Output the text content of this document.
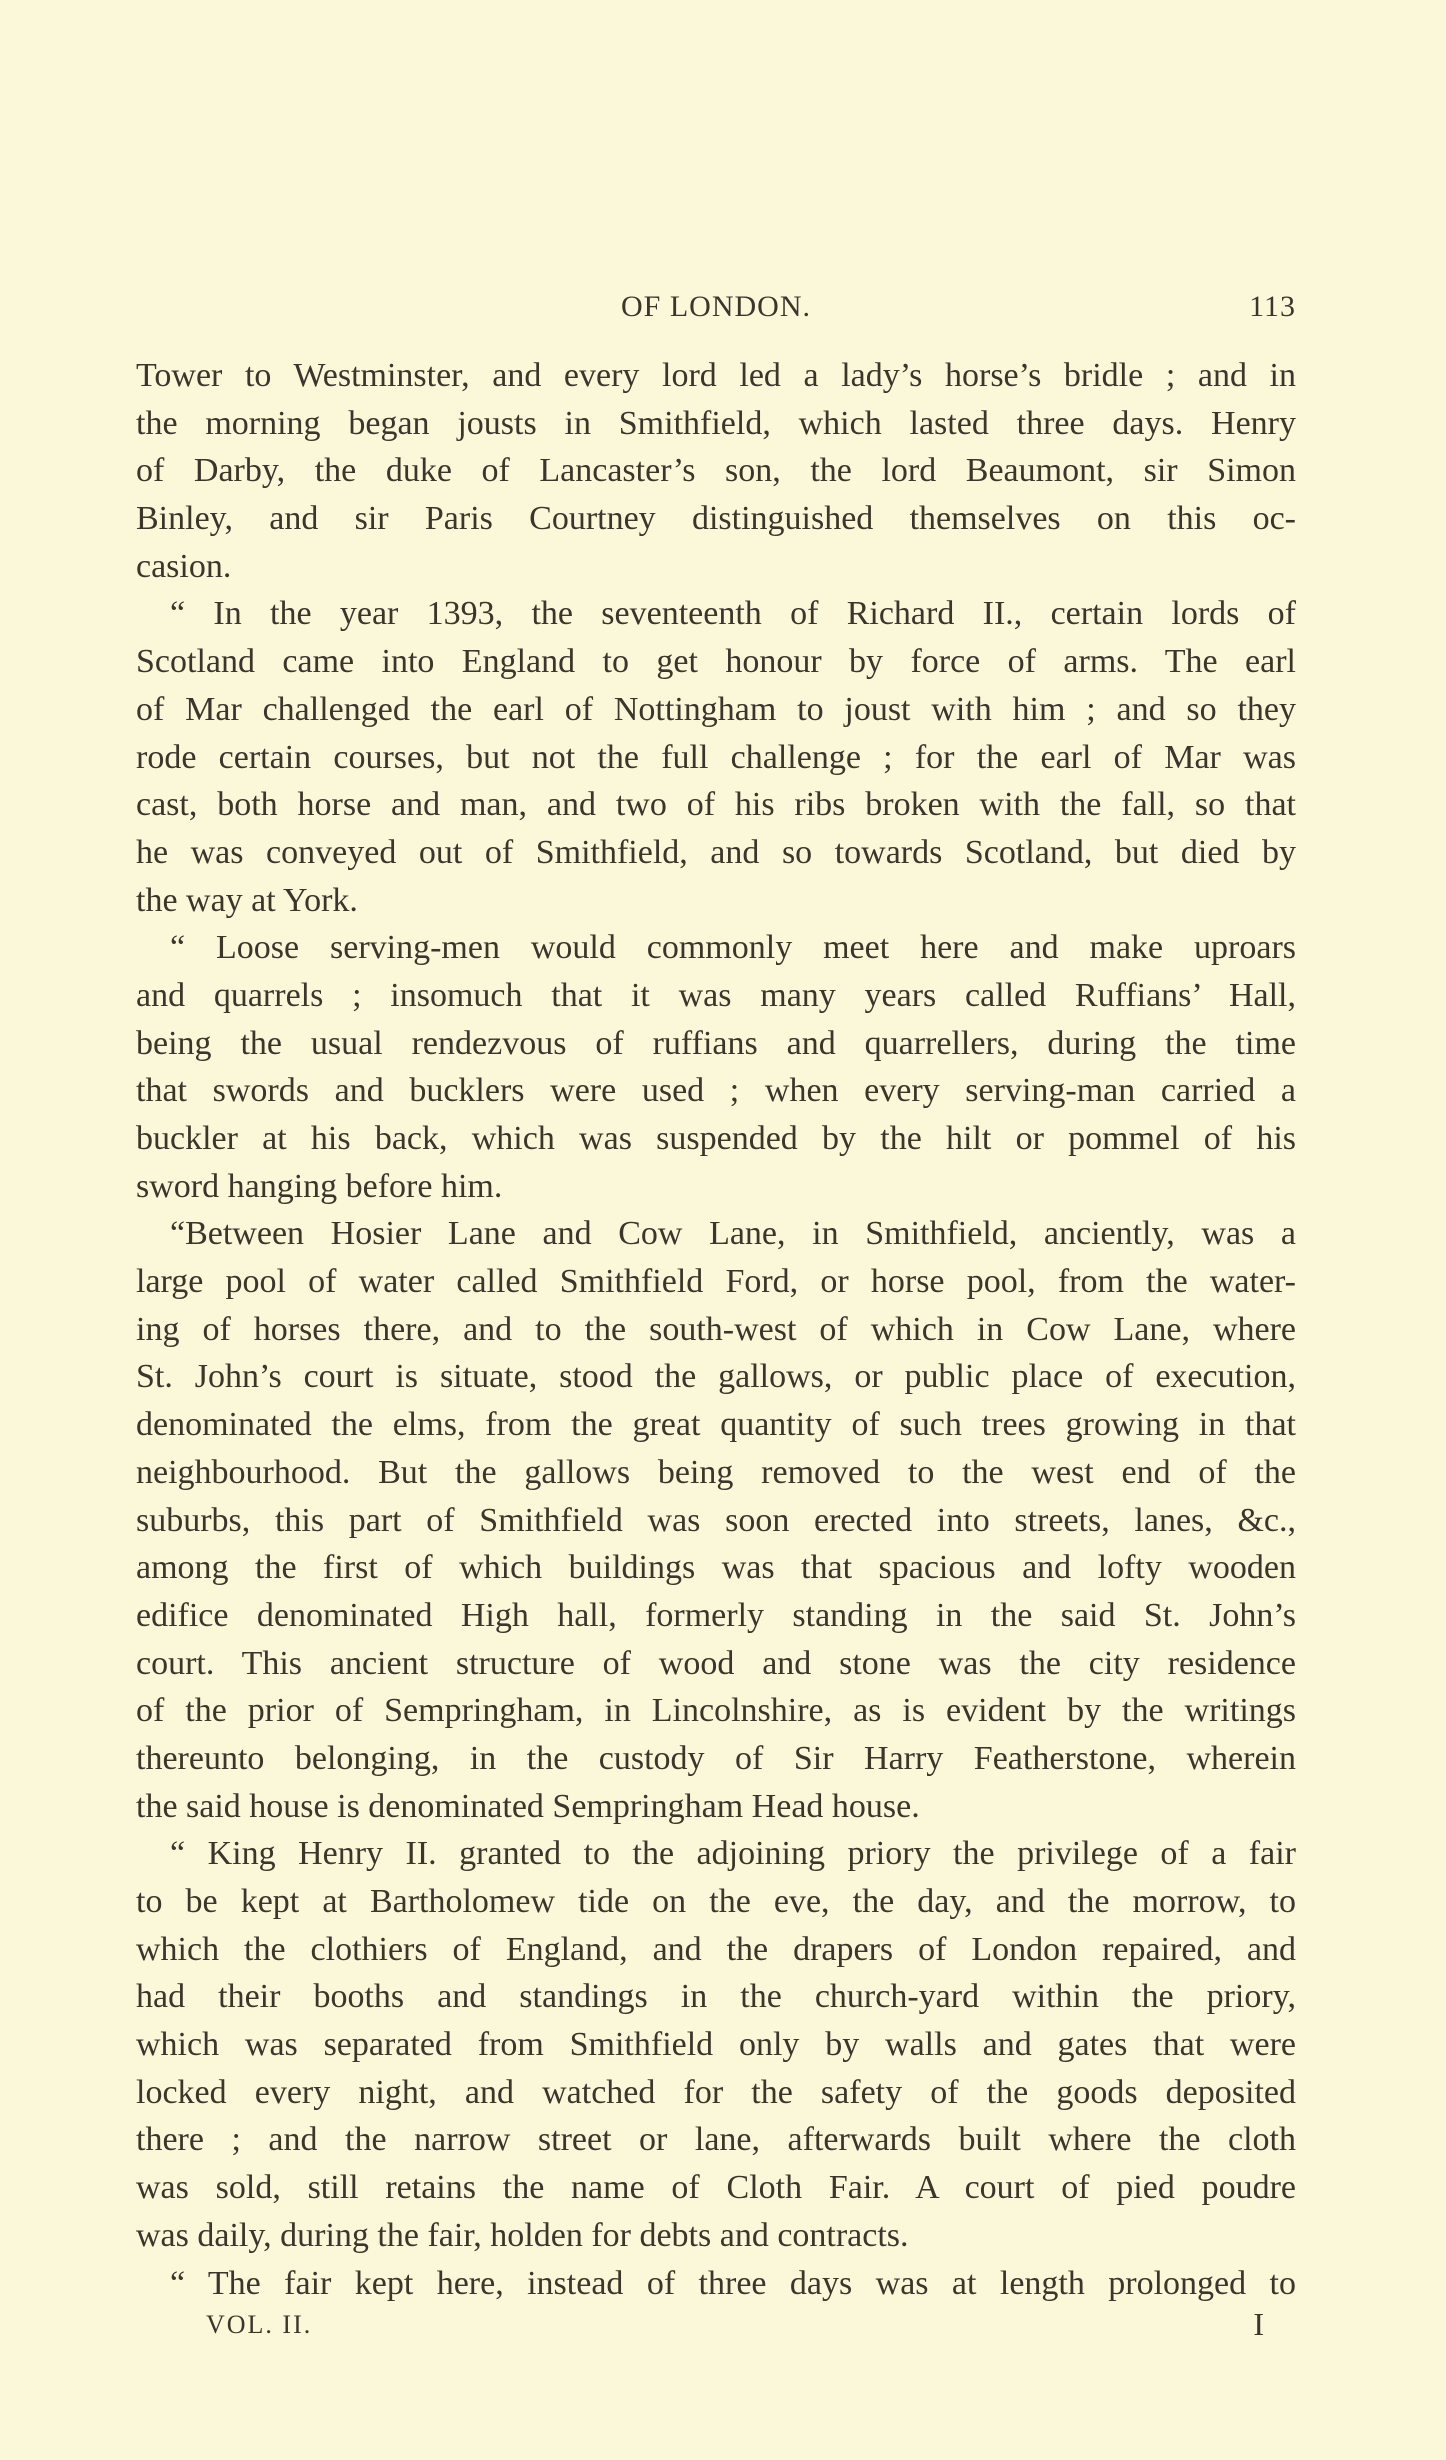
OF LONDON.	113
Tower to Westminster, and every lord led a lady’s horse’s bridle ; and in
the morning began jousts in Smithfield, which lasted three days. Henry
of Darby, the duke of Lancaster’s son, the lord Beaumont, sir Simon
Binley, and sir Paris Courtney distinguished themselves on this oc-
casion.
“ In the year 1393, the seventeenth of Richard II., certain lords of
Scotland came into England to get honour by force of arms. The earl
of Mar challenged the earl of Nottingham to joust with him ; and so they
rode certain courses, but not the full challenge ; for the earl of Mar was
cast, both horse and man, and two of his ribs broken with the fall, so that
he was conveyed out of Smithfield, and so towards Scotland, but died by
the way at York.
“ Loose serving-men would commonly meet here and make uproars
and quarrels ; insomuch that it was many years called Ruffians’ Hall,
being the usual rendezvous of ruffians and quarrellers, during the time
that swords and bucklers were used ; when every serving-man carried a
buckler at his back, which was suspended by the hilt or pommel of his
sword hanging before him.
“Between Hosier Lane and Cow Lane, in Smithfield, anciently, was a
large pool of water called Smithfield Ford, or horse pool, from the water-
ing of horses there, and to the south-west of which in Cow Lane, where
St. John’s court is situate, stood the gallows, or public place of execution,
denominated the elms, from the great quantity of such trees growing in that
neighbourhood. But the gallows being removed to the west end of the
suburbs, this part of Smithfield was soon erected into streets, lanes, &c.,
among the first of which buildings was that spacious and lofty wooden
edifice denominated High hall, formerly standing in the said St. John’s
court. This ancient structure of wood and stone was the city residence
of the prior of Sempringham, in Lincolnshire, as is evident by the writings
thereunto belonging, in the custody of Sir Harry Featherstone, wherein
the said house is denominated Sempringham Head house.
“ King Henry II. granted to the adjoining priory the privilege of a fair
to be kept at Bartholomew tide on the eve, the day, and the morrow, to
which the clothiers of England, and the drapers of London repaired, and
had their booths and standings in the church-yard within the priory,
which was separated from Smithfield only by walls and gates that were
locked every night, and watched for the safety of the goods deposited
there ; and the narrow street or lane, afterwards built where the cloth
was sold, still retains the name of Cloth Fair. A court of pied poudre
was daily, during the fair, holden for debts and contracts.
“ The fair kept here, instead of three days was at length prolonged to
VOL. II.	I
